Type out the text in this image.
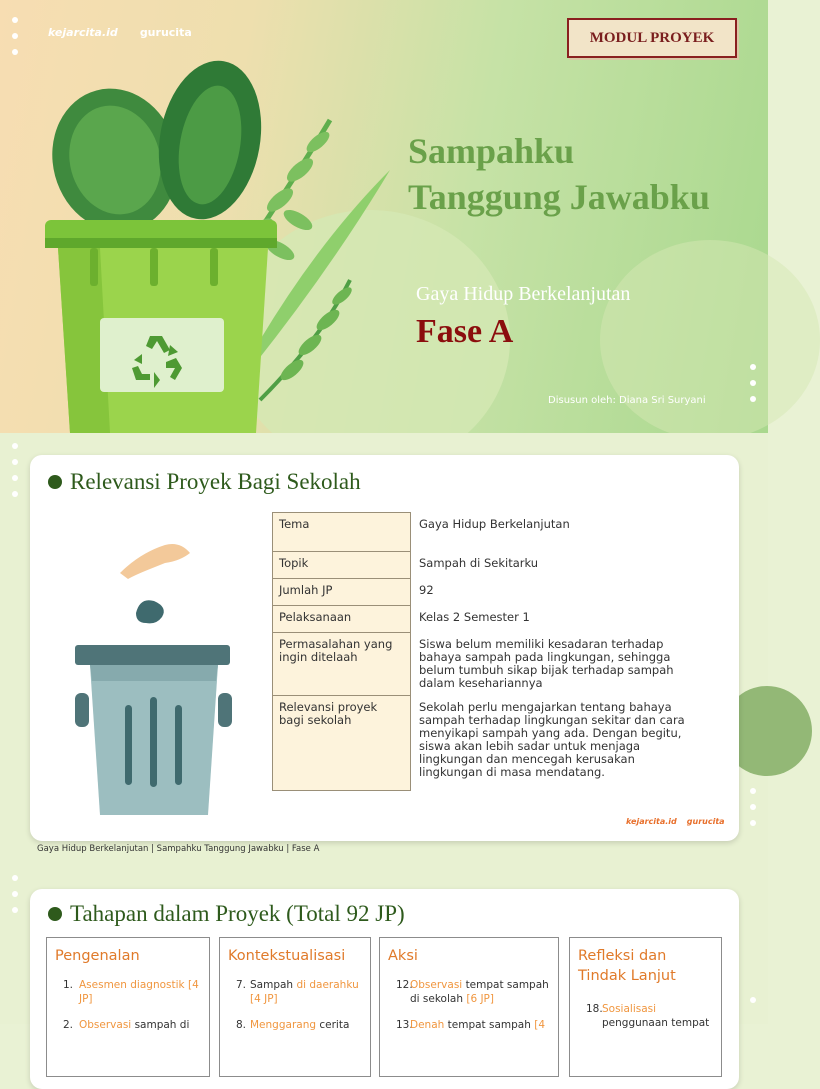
kejarcita.id gurucita	MODUL PROYEK
Sampahku
Tanggung Jawabku
Gaya Hidup Berkelanjutan
Fase A
Disusun oleh: Diana Sri Suryani
Relevansi Proyek Bagi Sekolah
Tema	Gaya Hidup Berkelanjutan
Topik	Sampah di Sekitarku
Jumlah JP	92
Pelaksanaan	Kelas 2 Semester 1
Permasalahan yang ingin ditelaah	Siswa belum memiliki kesadaran terhadap bahaya sampah pada lingkungan, sehingga belum tumbuh sikap bijak terhadap sampah dalam kesehariannya
Relevansi proyek bagi sekolah	Sekolah perlu mengajarkan tentang bahaya sampah terhadap lingkungan sekitar dan cara menyikapi sampah yang ada. Dengan begitu, siswa akan lebih sadar untuk menjaga lingkungan dan mencegah kerusakan lingkungan di masa mendatang.
kejarcita.id gurucita
Gaya Hidup Berkelanjutan | Sampahku Tanggung Jawabku | Fase A
Tahapan dalam Proyek (Total 92 JP)
Pengenalan
1. Asesmen diagnostik [4 JP]
2. Observasi sampah di
Kontekstualisasi
7. Sampah di daerahku [4 JP]
8. Menggarang cerita
Aksi
12.
Observasi tempat sampah di sekolah [6 JP]
13.
Denah tempat sampah [4
Refleksi dan Tindak Lanjut
18. Sosialisasi penggunaan tempat
